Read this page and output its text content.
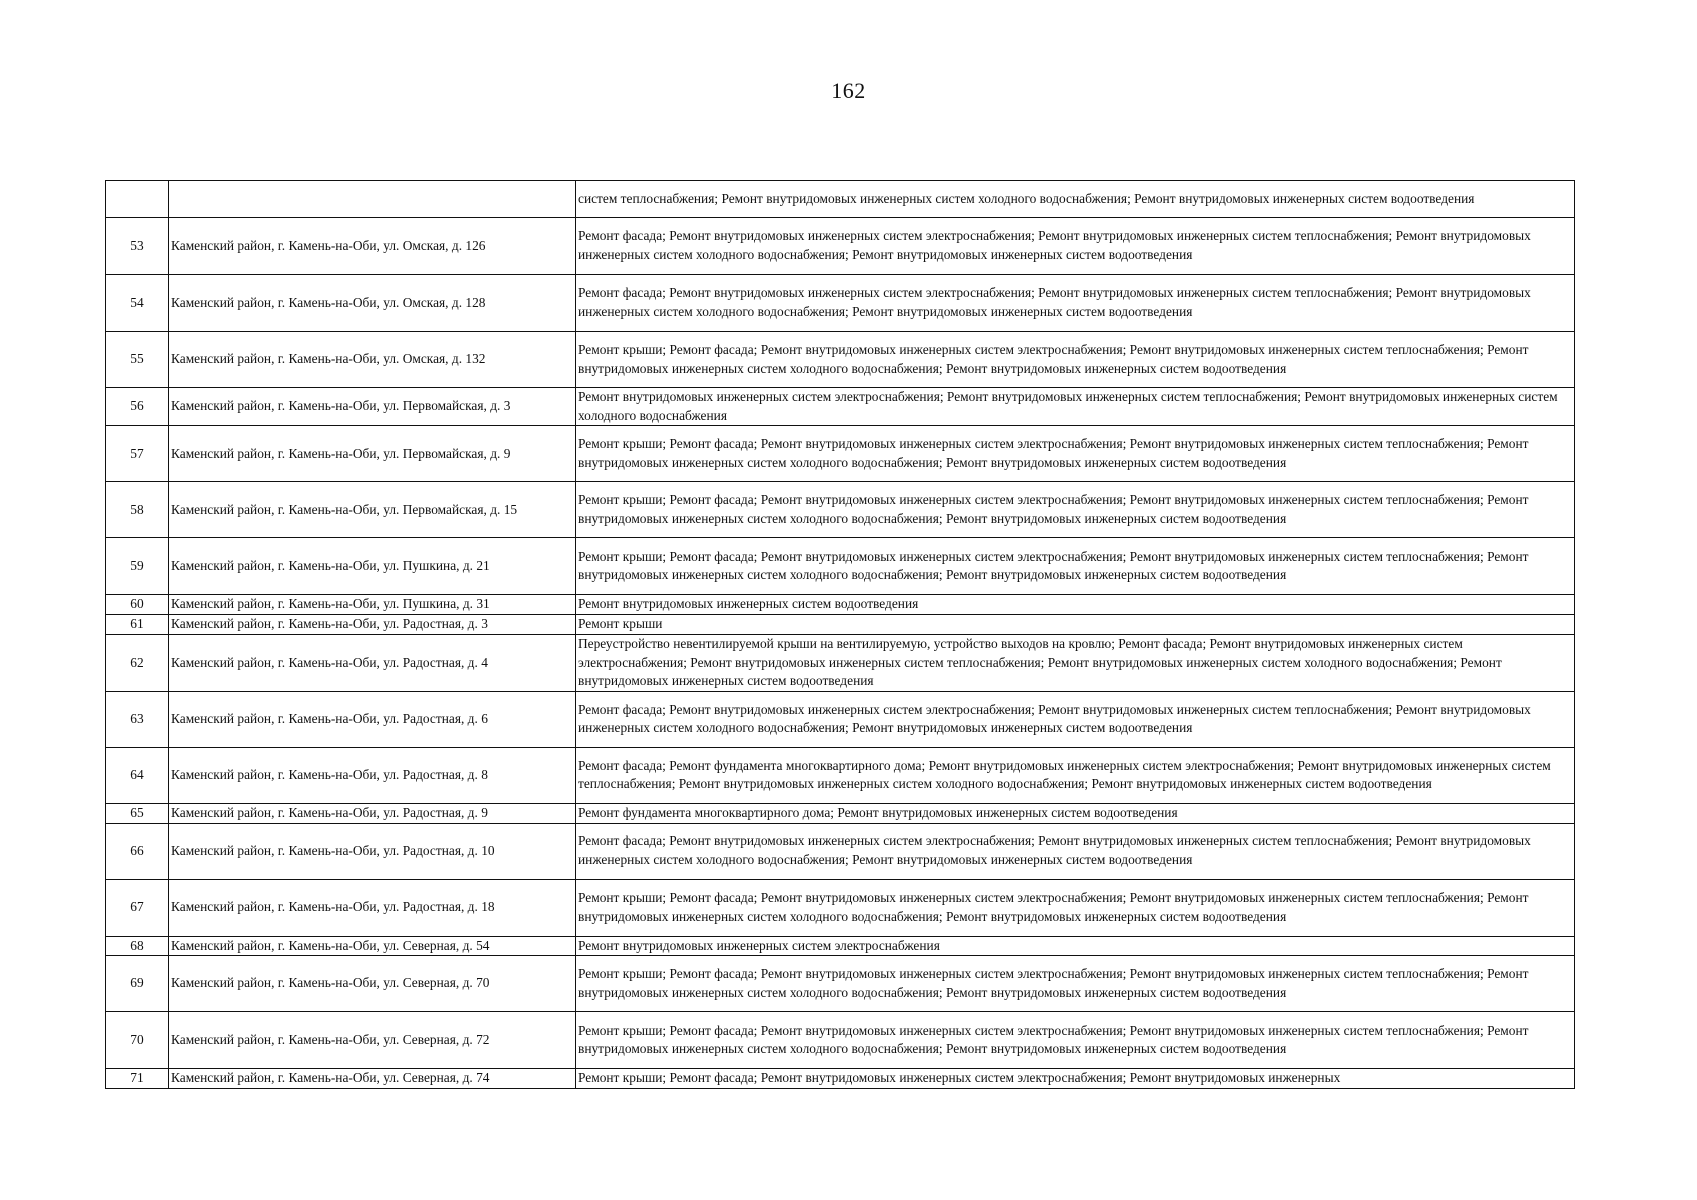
162
		систем теплоснабжения; Ремонт внутридомовых инженерных систем холодного водоснабжения; Ремонт внутридомовых инженерных систем водоотведения
53	Каменский район, г. Камень-на-Оби, ул. Омская, д. 126	Ремонт фасада; Ремонт внутридомовых инженерных систем электроснабжения; Ремонт внутридомовых инженерных систем теплоснабжения; Ремонт внутридомовых инженерных систем холодного водоснабжения; Ремонт внутридомовых инженерных систем водоотведения
54	Каменский район, г. Камень-на-Оби, ул. Омская, д. 128	Ремонт фасада; Ремонт внутридомовых инженерных систем электроснабжения; Ремонт внутридомовых инженерных систем теплоснабжения; Ремонт внутридомовых инженерных систем холодного водоснабжения; Ремонт внутридомовых инженерных систем водоотведения
55	Каменский район, г. Камень-на-Оби, ул. Омская, д. 132	Ремонт крыши; Ремонт фасада; Ремонт внутридомовых инженерных систем электроснабжения; Ремонт внутридомовых инженерных систем теплоснабжения; Ремонт внутридомовых инженерных систем холодного водоснабжения; Ремонт внутридомовых инженерных систем водоотведения
56	Каменский район, г. Камень-на-Оби, ул. Первомайская, д. 3	Ремонт внутридомовых инженерных систем электроснабжения; Ремонт внутридомовых инженерных систем теплоснабжения; Ремонт внутридомовых инженерных систем холодного водоснабжения
57	Каменский район, г. Камень-на-Оби, ул. Первомайская, д. 9	Ремонт крыши; Ремонт фасада; Ремонт внутридомовых инженерных систем электроснабжения; Ремонт внутридомовых инженерных систем теплоснабжения; Ремонт внутридомовых инженерных систем холодного водоснабжения; Ремонт внутридомовых инженерных систем водоотведения
58	Каменский район, г. Камень-на-Оби, ул. Первомайская, д. 15	Ремонт крыши; Ремонт фасада; Ремонт внутридомовых инженерных систем электроснабжения; Ремонт внутридомовых инженерных систем теплоснабжения; Ремонт внутридомовых инженерных систем холодного водоснабжения; Ремонт внутридомовых инженерных систем водоотведения
59	Каменский район, г. Камень-на-Оби, ул. Пушкина, д. 21	Ремонт крыши; Ремонт фасада; Ремонт внутридомовых инженерных систем электроснабжения; Ремонт внутридомовых инженерных систем теплоснабжения; Ремонт внутридомовых инженерных систем холодного водоснабжения; Ремонт внутридомовых инженерных систем водоотведения
60	Каменский район, г. Камень-на-Оби, ул. Пушкина, д. 31	Ремонт внутридомовых инженерных систем водоотведения
61	Каменский район, г. Камень-на-Оби, ул. Радостная, д. 3	Ремонт крыши
62	Каменский район, г. Камень-на-Оби, ул. Радостная, д. 4	Переустройство невентилируемой крыши на вентилируемую, устройство выходов на кровлю; Ремонт фасада; Ремонт внутридомовых инженерных систем электроснабжения; Ремонт внутридомовых инженерных систем теплоснабжения; Ремонт внутридомовых инженерных систем холодного водоснабжения; Ремонт внутридомовых инженерных систем водоотведения
63	Каменский район, г. Камень-на-Оби, ул. Радостная, д. 6	Ремонт фасада; Ремонт внутридомовых инженерных систем электроснабжения; Ремонт внутридомовых инженерных систем теплоснабжения; Ремонт внутридомовых инженерных систем холодного водоснабжения; Ремонт внутридомовых инженерных систем водоотведения
64	Каменский район, г. Камень-на-Оби, ул. Радостная, д. 8	Ремонт фасада; Ремонт фундамента многоквартирного дома; Ремонт внутридомовых инженерных систем электроснабжения; Ремонт внутридомовых инженерных систем теплоснабжения; Ремонт внутридомовых инженерных систем холодного водоснабжения; Ремонт внутридомовых инженерных систем водоотведения
65	Каменский район, г. Камень-на-Оби, ул. Радостная, д. 9	Ремонт фундамента многоквартирного дома; Ремонт внутридомовых инженерных систем водоотведения
66	Каменский район, г. Камень-на-Оби, ул. Радостная, д. 10	Ремонт фасада; Ремонт внутридомовых инженерных систем электроснабжения; Ремонт внутридомовых инженерных систем теплоснабжения; Ремонт внутридомовых инженерных систем холодного водоснабжения; Ремонт внутридомовых инженерных систем водоотведения
67	Каменский район, г. Камень-на-Оби, ул. Радостная, д. 18	Ремонт крыши; Ремонт фасада; Ремонт внутридомовых инженерных систем электроснабжения; Ремонт внутридомовых инженерных систем теплоснабжения; Ремонт внутридомовых инженерных систем холодного водоснабжения; Ремонт внутридомовых инженерных систем водоотведения
68	Каменский район, г. Камень-на-Оби, ул. Северная, д. 54	Ремонт внутридомовых инженерных систем электроснабжения
69	Каменский район, г. Камень-на-Оби, ул. Северная, д. 70	Ремонт крыши; Ремонт фасада; Ремонт внутридомовых инженерных систем электроснабжения; Ремонт внутридомовых инженерных систем теплоснабжения; Ремонт внутридомовых инженерных систем холодного водоснабжения; Ремонт внутридомовых инженерных систем водоотведения
70	Каменский район, г. Камень-на-Оби, ул. Северная, д. 72	Ремонт крыши; Ремонт фасада; Ремонт внутридомовых инженерных систем электроснабжения; Ремонт внутридомовых инженерных систем теплоснабжения; Ремонт внутридомовых инженерных систем холодного водоснабжения; Ремонт внутридомовых инженерных систем водоотведения
71	Каменский район, г. Камень-на-Оби, ул. Северная, д. 74	Ремонт крыши; Ремонт фасада; Ремонт внутридомовых инженерных систем электроснабжения; Ремонт внутридомовых инженерных
